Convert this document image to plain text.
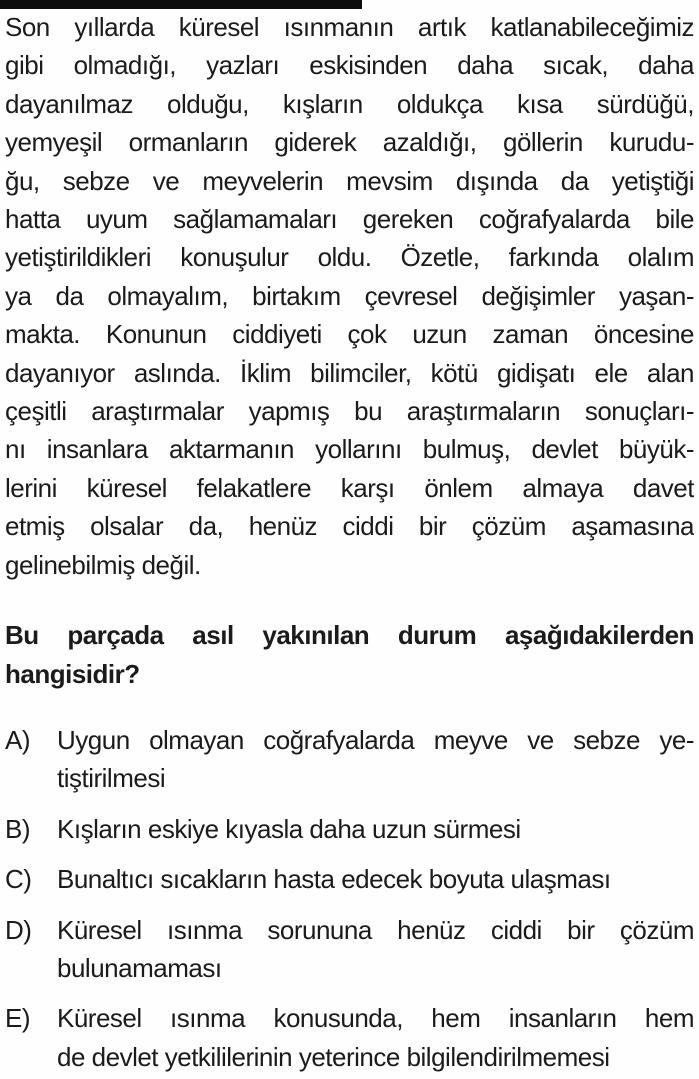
Son yıllarda küresel ısınmanın artık katlanabileceğimiz
gibi olmadığı, yazları eskisinden daha sıcak, daha
dayanılmaz olduğu, kışların oldukça kısa sürdüğü,
yemyeşil ormanların giderek azaldığı, göllerin kurudu-
ğu, sebze ve meyvelerin mevsim dışında da yetiştiği
hatta uyum sağlamamaları gereken coğrafyalarda bile
yetiştirildikleri konuşulur oldu. Özetle, farkında olalım
ya da olmayalım, birtakım çevresel değişimler yaşan-
makta. Konunun ciddiyeti çok uzun zaman öncesine
dayanıyor aslında. İklim bilimciler, kötü gidişatı ele alan
çeşitli araştırmalar yapmış bu araştırmaların sonuçları-
nı insanlara aktarmanın yollarını bulmuş, devlet büyük-
lerini küresel felakatlere karşı önlem almaya davet
etmiş olsalar da, henüz ciddi bir çözüm aşamasına
gelinebilmiş değil.
Bu parçada asıl yakınılan durum aşağıdakilerden
hangisidir?
A)	Uygun olmayan coğrafyalarda meyve ve sebze ye-
tiştirilmesi
B)	Kışların eskiye kıyasla daha uzun sürmesi
C) Bunaltıcı sıcakların hasta edecek boyuta ulaşması
D) Küresel ısınma sorununa henüz ciddi bir çözüm
bulunamaması
E)	Küresel ısınma konusunda, hem insanların hem
de devlet yetkililerinin yeterince bilgilendirilmemesi
